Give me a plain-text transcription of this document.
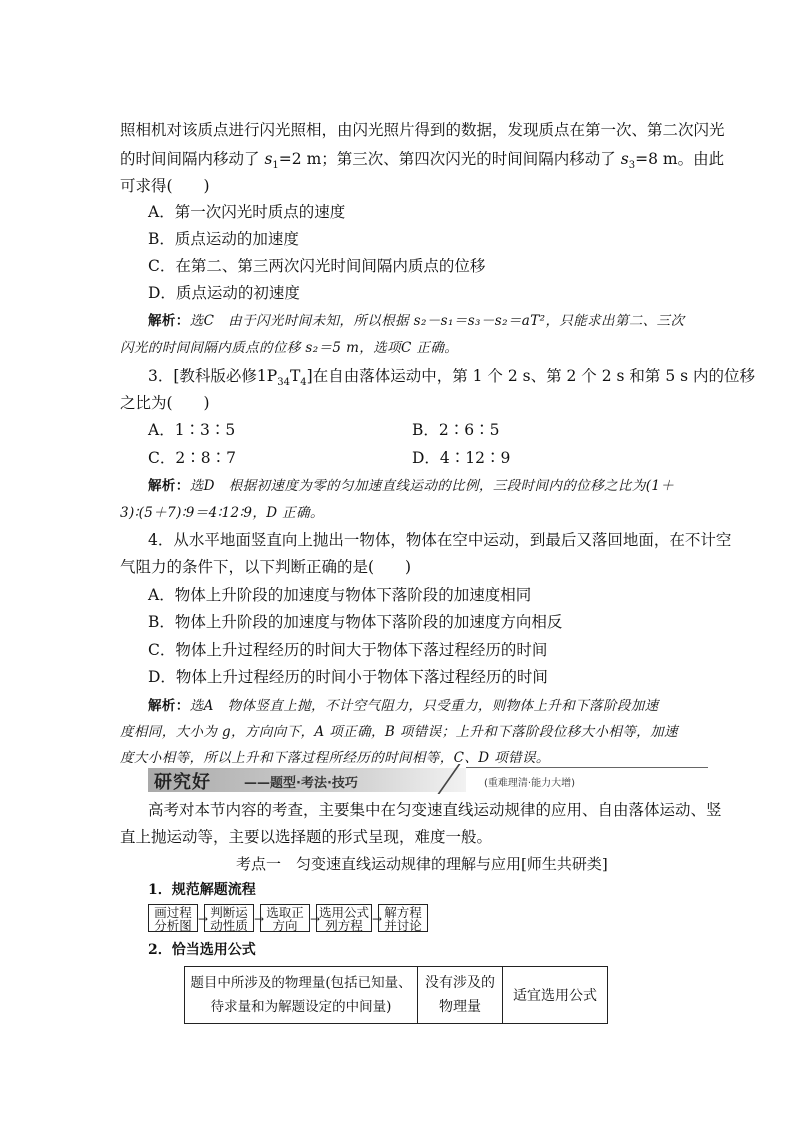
照相机对该质点进行闪光照相，由闪光照片得到的数据，发现质点在第一次、第二次闪光
的时间间隔内移动了 $s_1=2$ m；第三次、第四次闪光的时间间隔内移动了 $s_3=8$ m。由此
可求得(　　)
A．第一次闪光时质点的速度
B．质点运动的加速度
C．在第二、第三两次闪光时间间隔内质点的位移
D．质点运动的初速度
解析：选C　由于闪光时间未知，所以根据 s₂－s₁＝s₃－s₂＝aT²，只能求出第二、三次
闪光的时间间隔内质点的位移 s₂＝5 m，选项C 正确。
3．[教科版必修$1P_{34}T_4$]在自由落体运动中，第 1 个 2 s、第 2 个 2 s 和第 5 s 内的位移
之比为(　　)
A．1∶3∶5	B．2∶6∶5
C．2∶8∶7	D．4∶12∶9
解析：选D　根据初速度为零的匀加速直线运动的比例，三段时间内的位移之比为(1＋
3)∶(5＋7)∶9＝4∶12∶9，D 正确。
4．从水平地面竖直向上抛出一物体，物体在空中运动，到最后又落回地面，在不计空
气阻力的条件下，以下判断正确的是(　　)
A．物体上升阶段的加速度与物体下落阶段的加速度相同
B．物体上升阶段的加速度与物体下落阶段的加速度方向相反
C．物体上升过程经历的时间大于物体下落过程经历的时间
D．物体上升过程经历的时间小于物体下落过程经历的时间
解析：选A　物体竖直上抛，不计空气阻力，只受重力，则物体上升和下落阶段加速
度相同，大小为 g，方向向下，A 项正确，B 项错误；上升和下落阶段位移大小相等，加速
度大小相等，所以上升和下落过程所经历的时间相等，C、D 项错误。
研究好	——题型·考法·技巧	(重难理清·能力大增)
高考对本节内容的考查，主要集中在匀变速直线运动规律的应用、自由落体运动、竖
直上抛运动等，主要以选择题的形式呈现，难度一般。
考点一　匀变速直线运动规律的理解与应用[师生共研类]
1．规范解题流程
画过程
分析图 → 判断运
动性质 → 选取正
方向	→
选用公式
列方程 → 解方程
并讨论
2．恰当选用公式
题目中所涉及的物理量(包括已知量、
待求量和为解题设定的中间量)

没有涉及的
物理量
	适宜选用公式
